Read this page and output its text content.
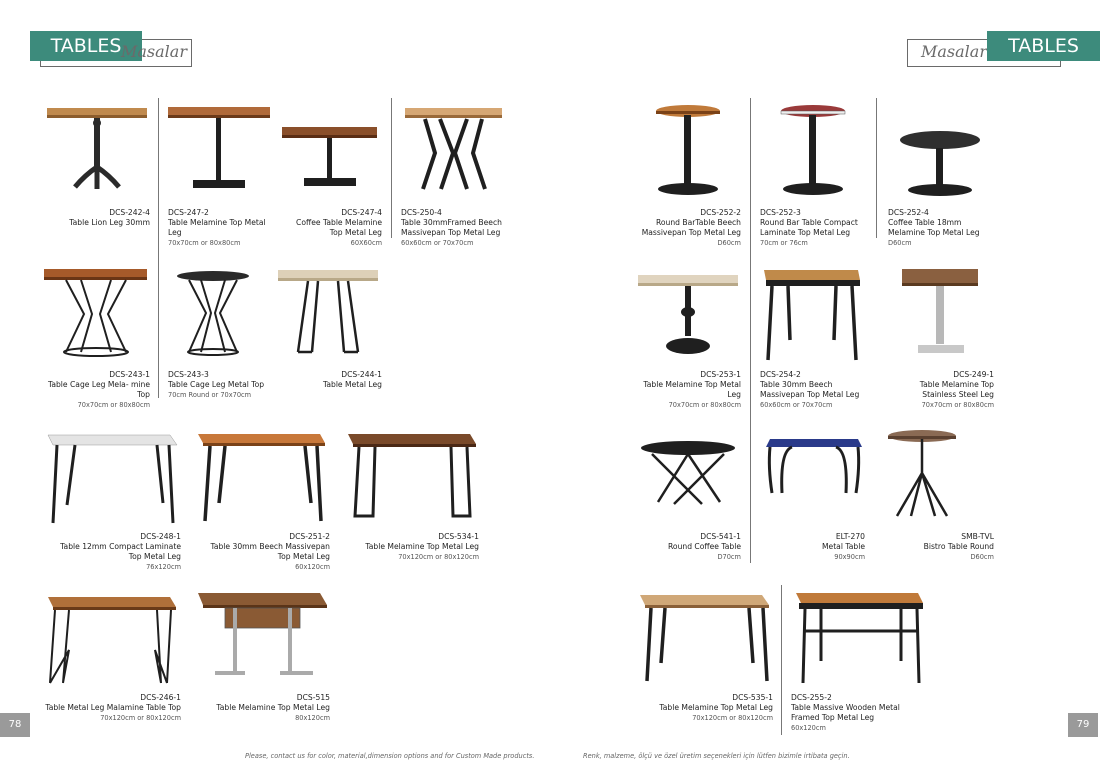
TABLES Masalar	Masalar	TABLES
DCS-242-4
Table Lion Leg 30mm
DCS-247-2
Table Melamine Top Metal Leg
70x70cm or 80x80cm
DCS-247-4
Coffee Table Melamine Top Metal Leg
60X60cm
DCS-250-4
Table 30mmFramed Beech Massivepan Top Metal Leg
60x60cm or 70x70cm
DCS-243-1
Table Cage Leg Mela- mine Top
70x70cm or 80x80cm
DCS-243-3
Table Cage Leg Metal Top
70cm Round or 70x70cm
DCS-244-1
Table Metal Leg
DCS-248-1
Table 12mm Compact Laminate Top Metal Leg
76x120cm
DCS-251-2
Table 30mm Beech Massivepan Top Metal Leg
60x120cm
DCS-534-1
Table Melamine Top Metal Leg
70x120cm or 80x120cm
DCS-246-1
Table Metal Leg Malamine Table Top
70x120cm or 80x120cm
DCS-515
Table Melamine Top Metal Leg
80x120cm
DCS-252-2
Round BarTable Beech Massivepan Top Metal Leg
D60cm
DCS-252-3
Round Bar Table Compact Laminate Top Metal Leg
70cm or 76cm
DCS-252-4
Coffee Table 18mm Melamine Top Metal Leg
D60cm
DCS-253-1
Table Melamine Top Metal Leg
70x70cm or 80x80cm
DCS-254-2
Table 30mm Beech Massivepan Top Metal Leg
60x60cm or 70x70cm
DCS-249-1
Table Melamine Top Stainless Steel Leg
70x70cm or 80x80cm
DCS-541-1
Round Coffee Table
D70cm
ELT-270
Metal Table
90x90cm
SMB-TVL
Bistro Table Round
D60cm
DCS-535-1
Table Melamine Top Metal Leg
70x120cm or 80x120cm
DCS-255-2
Table Massive Wooden Metal Framed Top Metal Leg
60x120cm
78	79
Please, contact us for color, material,dimension options and for Custom Made products.	Renk, malzeme, ölçü ve özel üretim seçenekleri için lütfen bizimle irtibata geçin.
